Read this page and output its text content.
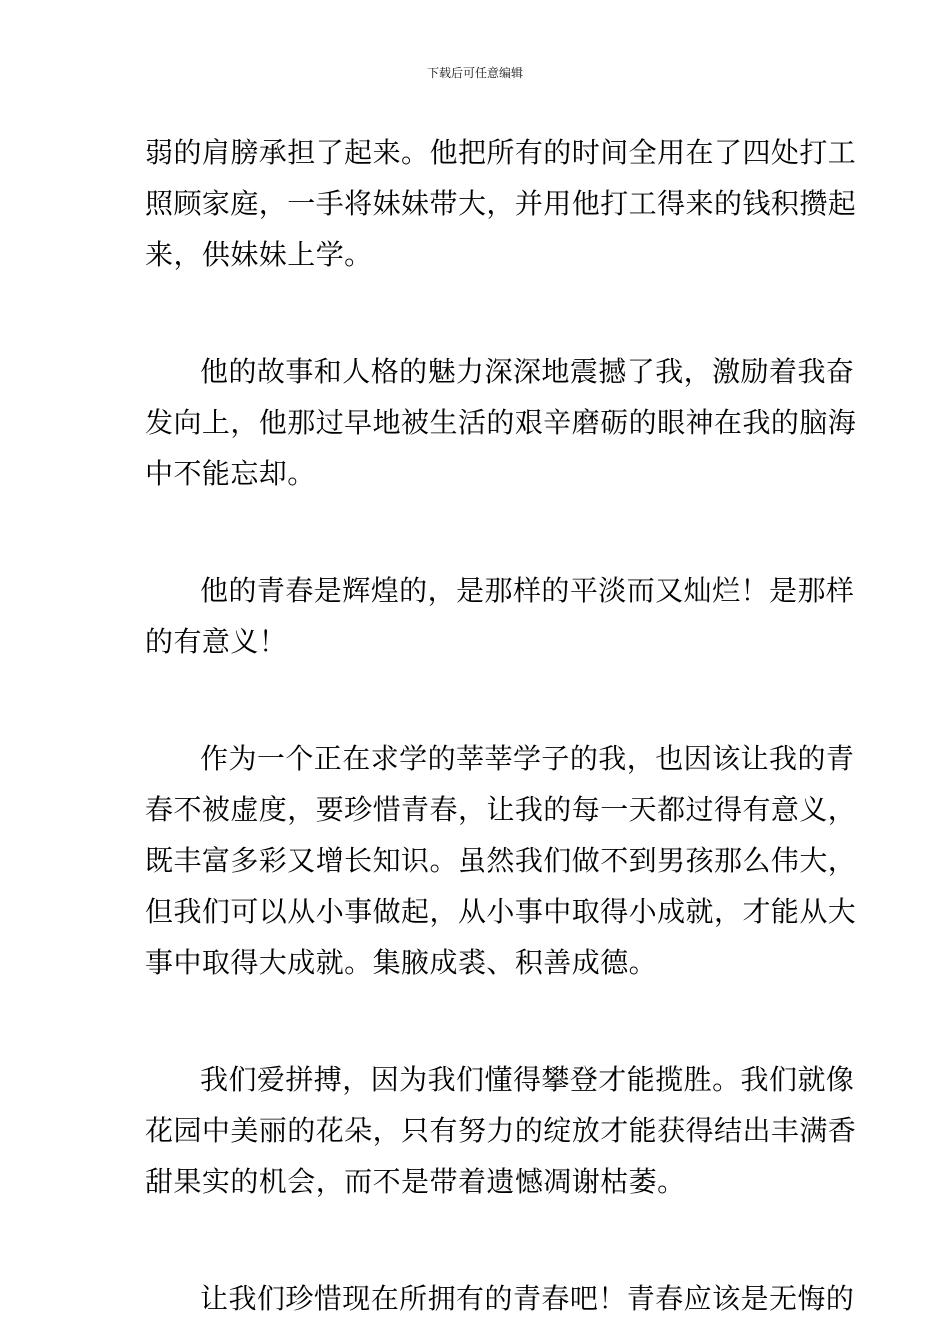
下载后可任意编辑
弱的肩膀承担了起来。他把所有的时间全用在了四处打工
照顾家庭，一手将妹妹带大，并用他打工得来的钱积攒起
来，供妹妹上学。
他的故事和人格的魅力深深地震撼了我，激励着我奋
发向上，他那过早地被生活的艰辛磨砺的眼神在我的脑海
中不能忘却。
他的青春是辉煌的，是那样的平淡而又灿烂！是那样
的有意义！
作为一个正在求学的莘莘学子的我，也因该让我的青
春不被虚度，要珍惜青春，让我的每一天都过得有意义，
既丰富多彩又增长知识。虽然我们做不到男孩那么伟大，
但我们可以从小事做起，从小事中取得小成就，才能从大
事中取得大成就。集腋成裘、积善成德。
我们爱拼搏，因为我们懂得攀登才能揽胜。我们就像
花园中美丽的花朵，只有努力的绽放才能获得结出丰满香
甜果实的机会，而不是带着遗憾凋谢枯萎。
让我们珍惜现在所拥有的青春吧！青春应该是无悔的
